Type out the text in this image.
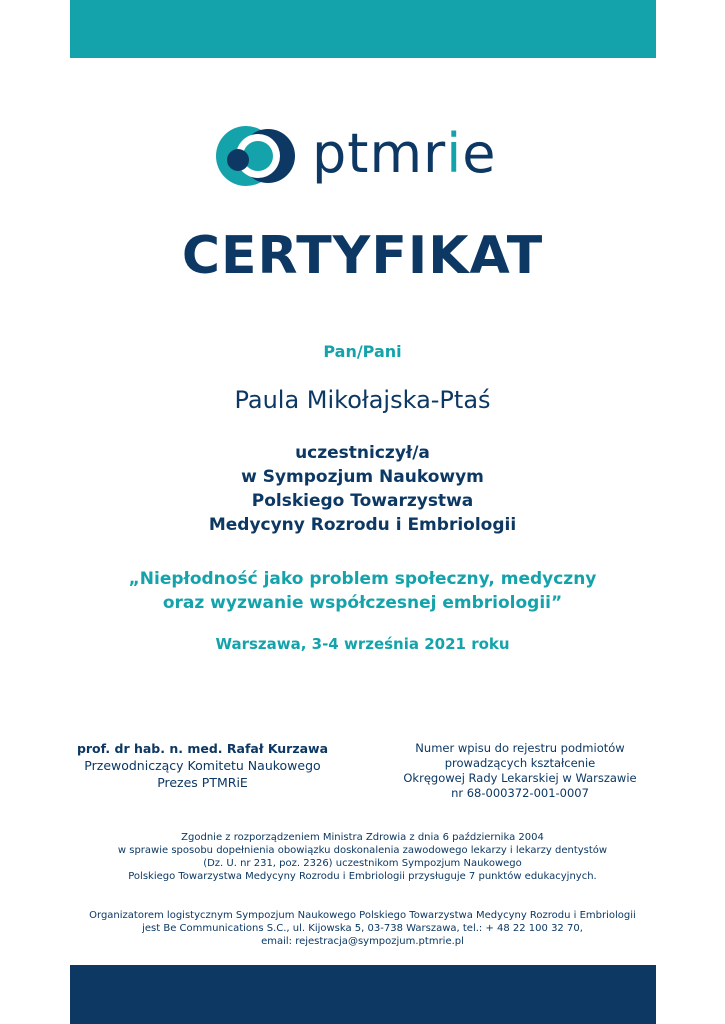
ptmrie
CERTYFIKAT
Pan/Pani
Paula Mikołajska-Ptaś
uczestniczył/a
w Sympozjum Naukowym
Polskiego Towarzystwa
Medycyny Rozrodu i Embriologii
„Niepłodność jako problem społeczny, medyczny
oraz wyzwanie współczesnej embriologii”
Warszawa, 3-4 września 2021 roku
prof. dr hab. n. med. Rafał Kurzawa
Przewodniczący Komitetu Naukowego
Prezes PTMRiE
Numer wpisu do rejestru podmiotów
prowadzących kształcenie
Okręgowej Rady Lekarskiej w Warszawie
nr 68-000372-001-0007
Zgodnie z rozporządzeniem Ministra Zdrowia z dnia 6 października 2004
w sprawie sposobu dopełnienia obowiązku doskonalenia zawodowego lekarzy i lekarzy dentystów
(Dz. U. nr 231, poz. 2326) uczestnikom Sympozjum Naukowego
Polskiego Towarzystwa Medycyny Rozrodu i Embriologii przysługuje 7 punktów edukacyjnych.
Organizatorem logistycznym Sympozjum Naukowego Polskiego Towarzystwa Medycyny Rozrodu i Embriologii
jest Be Communications S.C., ul. Kijowska 5, 03-738 Warszawa, tel.: + 48 22 100 32 70,
email: rejestracja@sympozjum.ptmrie.pl
